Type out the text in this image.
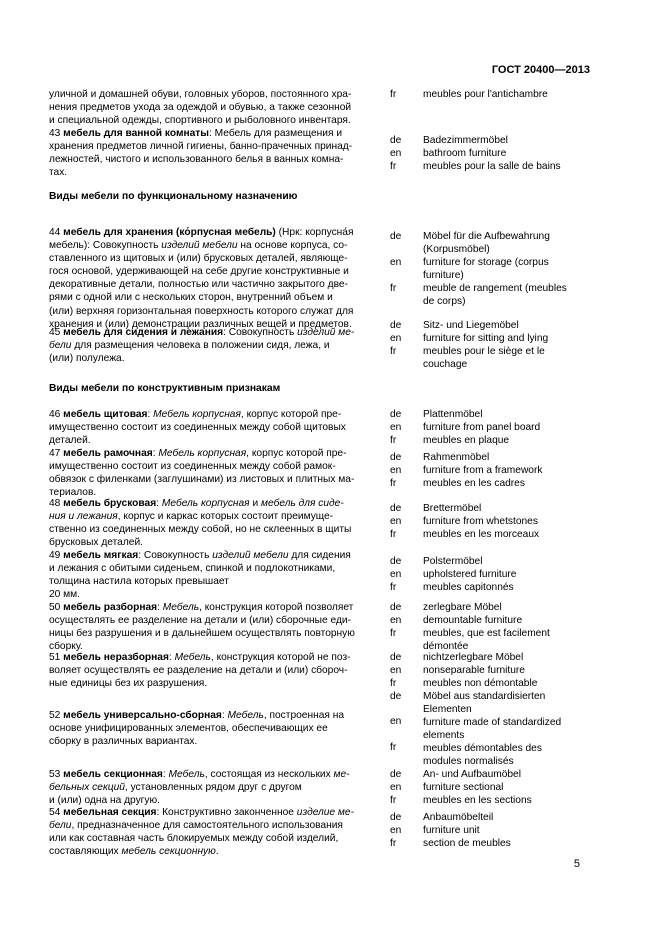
ГОСТ 20400—2013
уличной и домашней обуви, головных уборов, постоянного хра-
нения предметов ухода за одеждой и обувью, а также сезонной
и специальной одежды, спортивного и рыболовного инвентаря.
fr	meubles pour l'antichambre
43 мебель для ванной комнаты: Мебель для размещения и
хранения предметов личной гигиены, банно-прачечных принад-
лежностей, чистого и использованного белья в ванных комна-
тах.
de
en
fr
Badezimmermöbel
bathroom furniture
meubles pour la salle de bains
Виды мебели по функциональному назначению
44 мебель для хранения (ко́рпусная мебель) (Нрк: корпусна́я
мебель): Совокупность изделий мебели на основе корпуса, со-
ставленного из щитовых и (или) брусковых деталей, являюще-
гося основой, удерживающей на себе другие конструктивные и
декоративные детали, полностью или частично закрытого две-
рями с одной или с нескольких сторон, внутренний объем и
(или) верхняя горизонтальная поверхность которого служат для
хранения и (или) демонстрации различных вещей и предметов.
de
en
fr
Möbel für die Aufbewahrung
(Korpusmöbel)
furniture for storage (corpus
furniture)
meuble de rangement (meubles
de corps)
45 мебель для сидения и лежания: Совокупность изделий ме-
бели для размещения человека в положении сидя, лежа, и
(или) полулежа.
de
en
fr
Sitz- und Liegemöbel
furniture for sitting and lying
meubles pour le siège et le
couchage
Виды мебели по конструктивным признакам
46 мебель щитовая: Мебель корпусная, корпус которой пре-
имущественно состоит из соединенных между собой щитовых
деталей.
de
en
fr
Plattenmöbel
furniture from panel board
meubles en plaque
47 мебель рамочная: Мебель корпусная, корпус которой пре-
имущественно состоит из соединенных между собой рамок-
обвязок с филенками (заглушинами) из листовых и плитных ма-
териалов.
de
en
fr
Rahmenmöbel
furniture from a framework
meubles en les cadres
48 мебель брусковая: Мебель корпусная и мебель для сиде-
ния и лежания, корпус и каркас которых состоит преимуще-
ственно из соединенных между собой, но не склеенных в щиты
брусковых деталей.
de
en
fr
Brettermöbel
furniture from whetstones
meubles en les morceaux
49 мебель мягкая: Совокупность изделий мебели для сидения
и лежания с обитыми сиденьем, спинкой и подлокотниками,
толщина настила которых превышает
20 мм.
de
en
fr
Polstermöbel
upholstered furniture
meubles capitonnés
50 мебель разборная: Мебель, конструкция которой позволяет
осуществлять ее разделение на детали и (или) сборочные еди-
ницы без разрушения и в дальнейшем осуществлять повторную
сборку.
de
en
fr
zerlegbare Möbel
demountable furniture
meubles, que est facilement
démontée
51 мебель неразборная: Мебель, конструкция которой не поз-
воляет осуществлять ее разделение на детали и (или) сбороч-
ные единицы без их разрушения.
de
en
fr
nichtzerlegbare Möbel
nonseparable furniture
meubles non démontable
52 мебель универсально-сборная: Мебель, построенная на
основе унифицированных элементов, обеспечивающих ее
сборку в различных вариантах.
de
en
fr
Möbel aus standardisierten
Elementen
furniture made of standardized
elements
meubles démontables des
modules normalisés
53 мебель секционная: Мебель, состоящая из нескольких ме-
бельных секций, установленных рядом друг с другом
и (или) одна на другую.
de
en
fr
An- und Aufbaumöbel
furniture sectional
meubles en les sections
54 мебельная секция: Конструктивно законченное изделие ме-
бели, предназначенное для самостоятельного использования
или как составная часть блокируемых между собой изделий,
составляющих мебель секционную.
de
en
fr
Anbaumöbelteil
furniture unit
section de meubles
5
